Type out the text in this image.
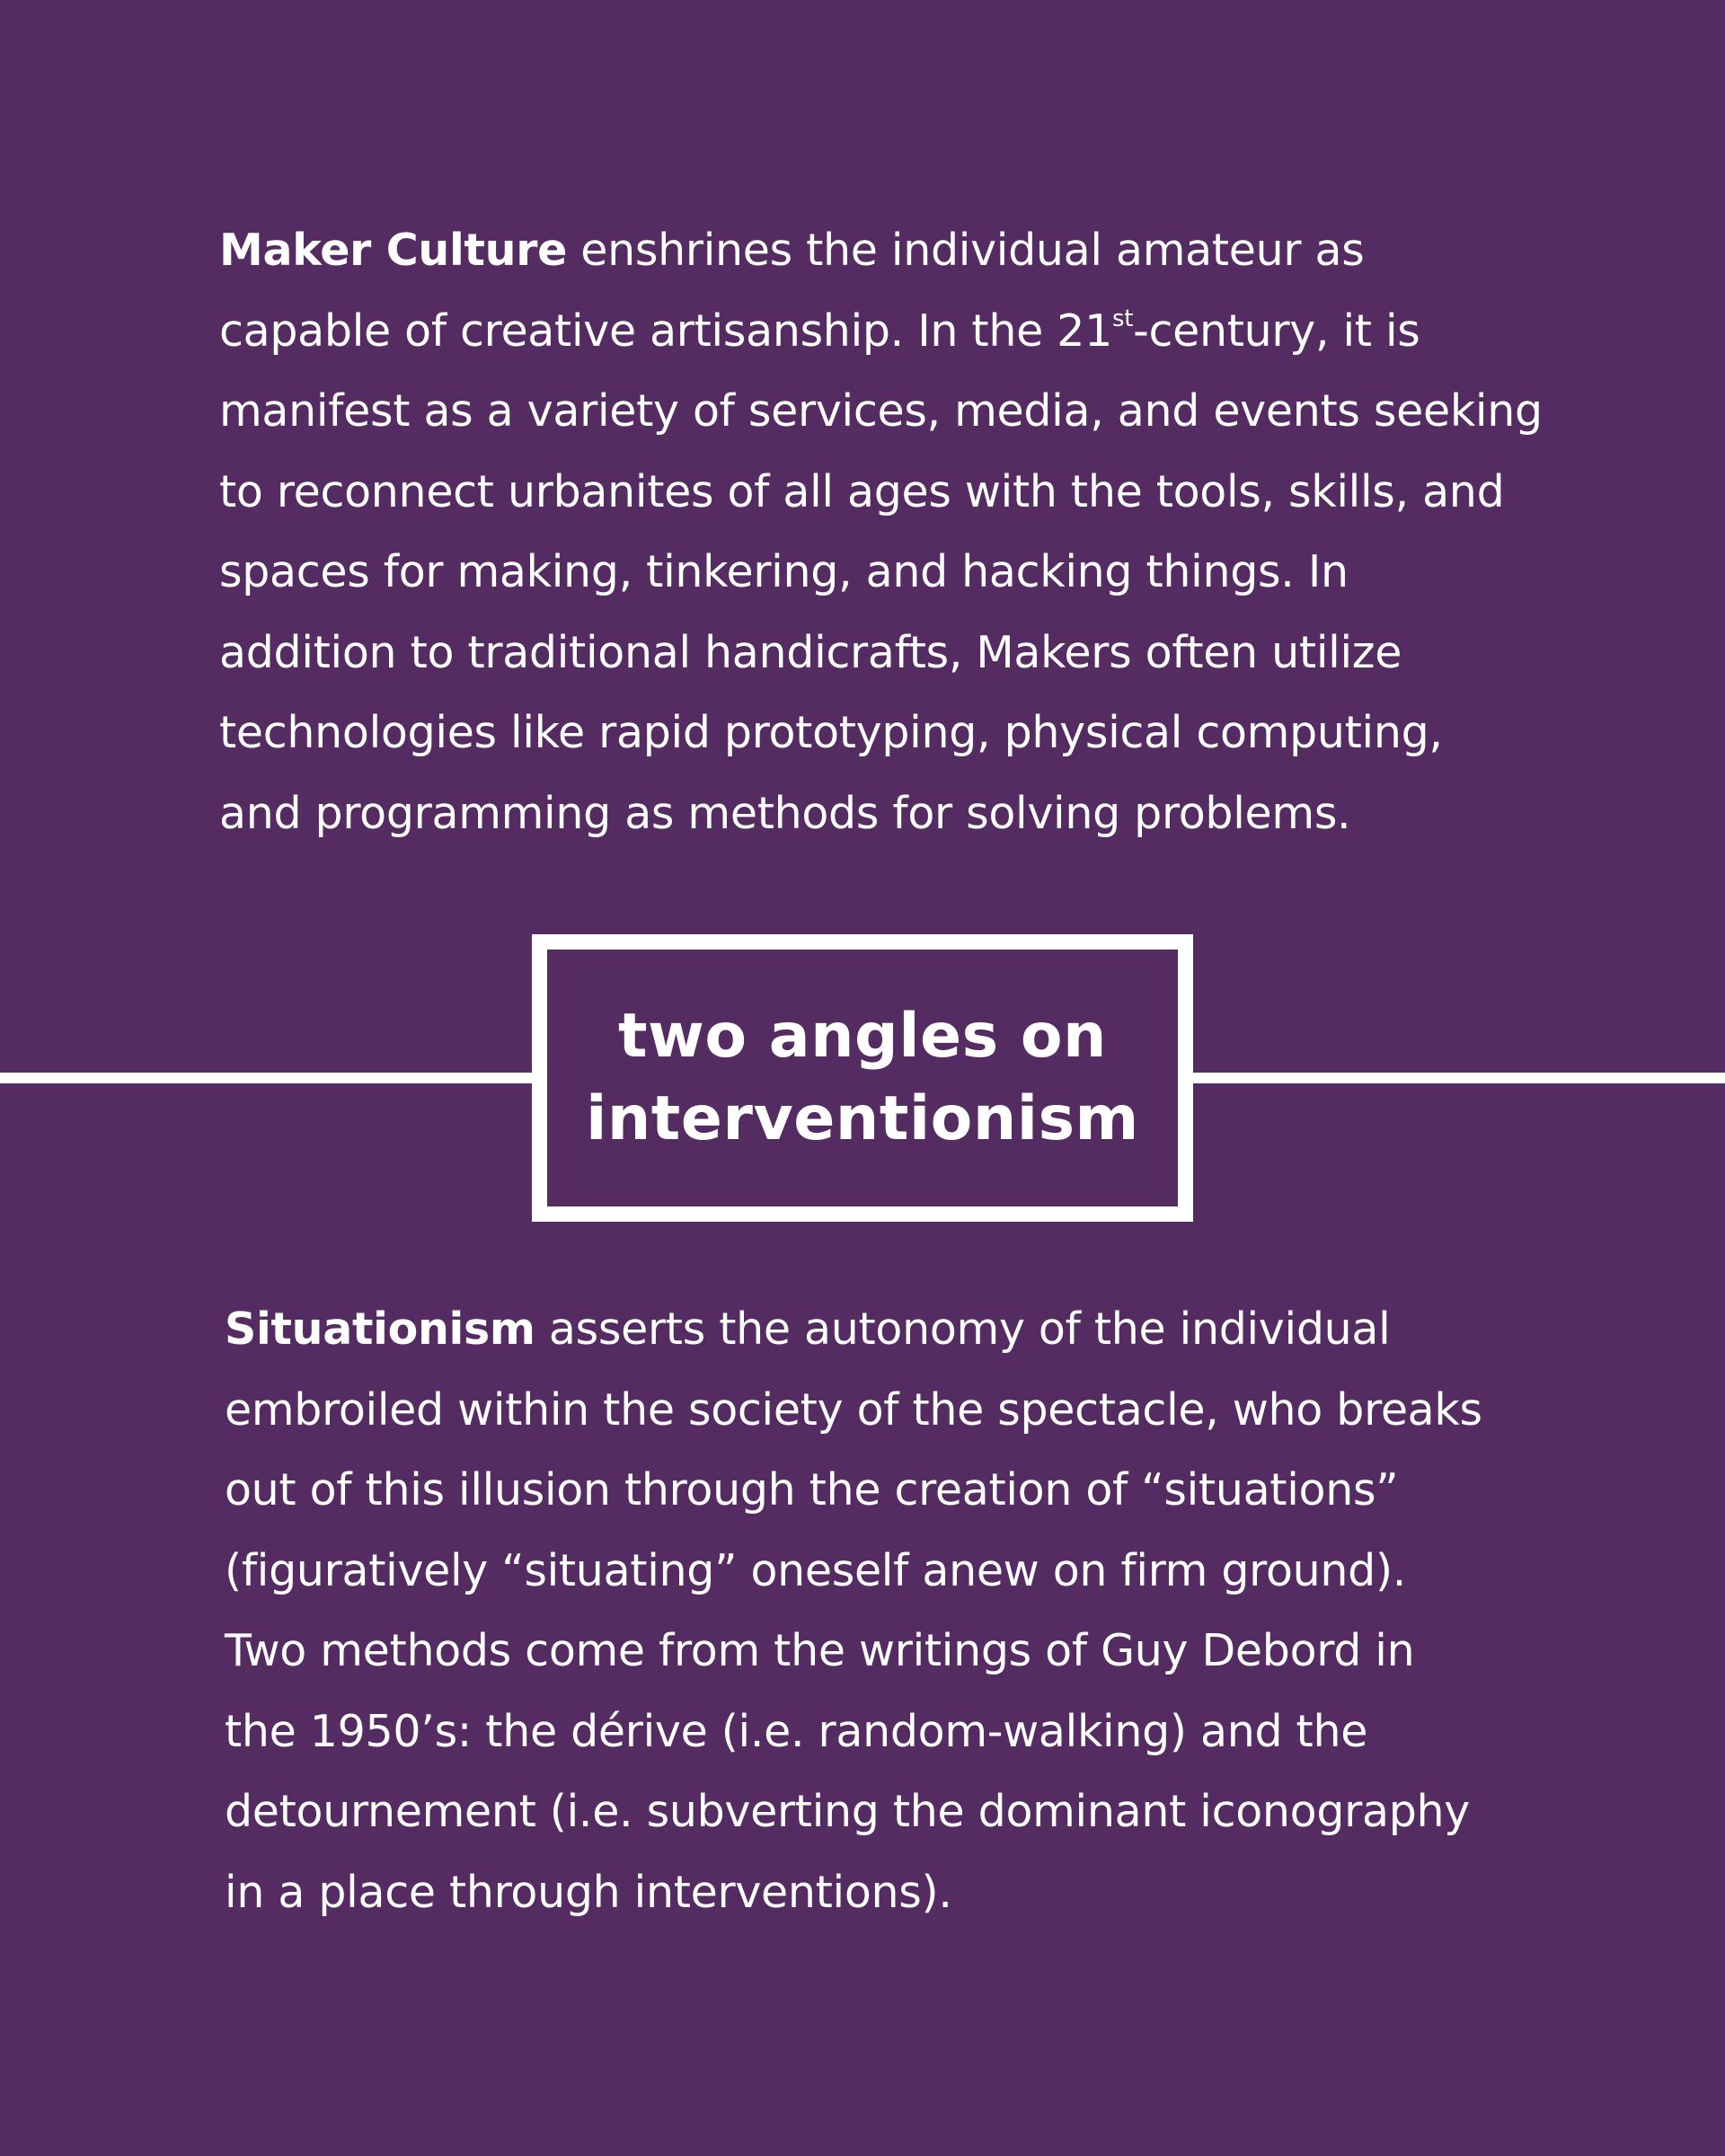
Maker Culture enshrines the individual amateur as
capable of creative artisanship. In the 21st-century, it is
manifest as a variety of services, media, and events seeking
to reconnect urbanites of all ages with the tools, skills, and
spaces for making, tinkering, and hacking things. In
addition to traditional handicrafts, Makers often utilize
technologies like rapid prototyping, physical computing,
and programming as methods for solving problems.
two angles on
interventionism
Situationism asserts the autonomy of the individual
embroiled within the society of the spectacle, who breaks
out of this illusion through the creation of “situations”
(figuratively “situating” oneself anew on firm ground).
Two methods come from the writings of Guy Debord in
the 1950’s: the dérive (i.e. random-walking) and the
detournement (i.e. subverting the dominant iconography
in a place through interventions).
